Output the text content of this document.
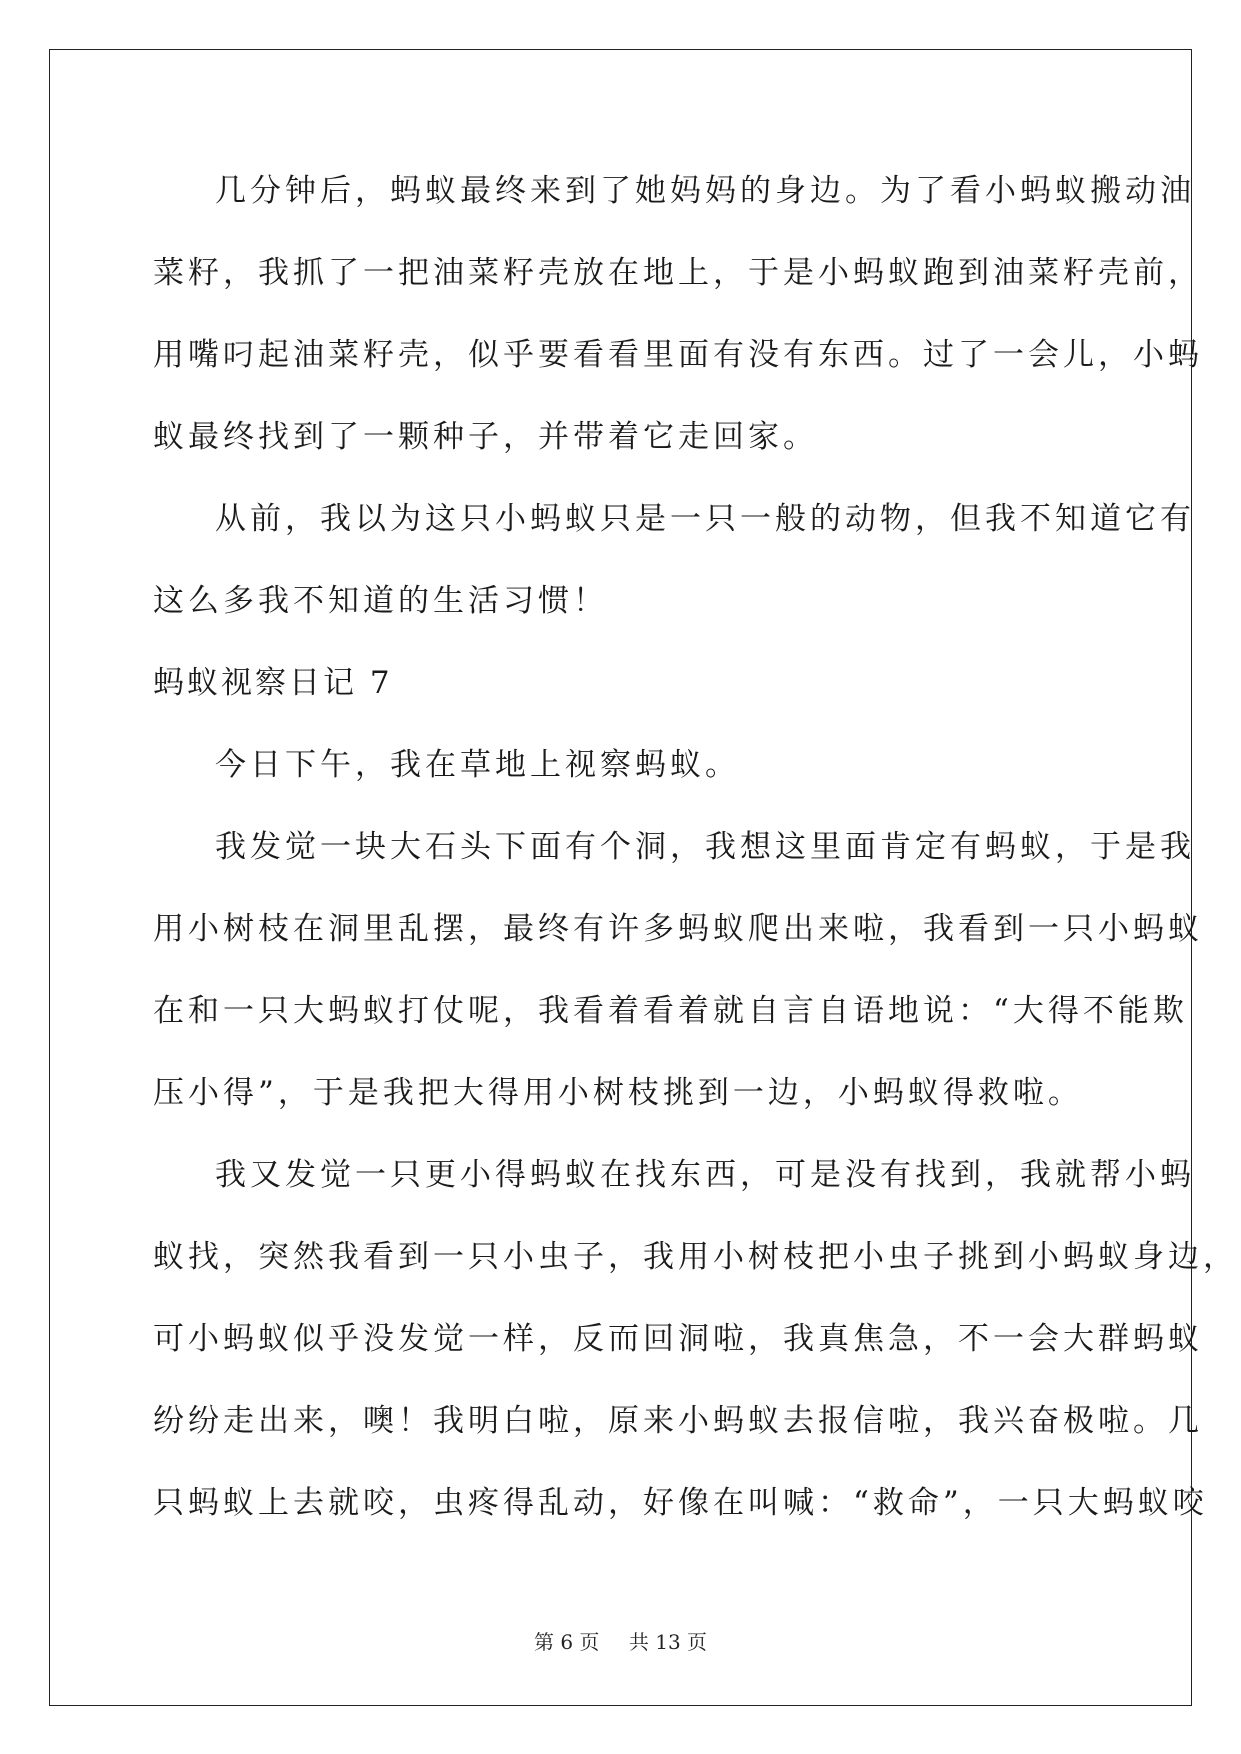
几分钟后，蚂蚁最终来到了她妈妈的身边。为了看小蚂蚁搬动油
菜籽，我抓了一把油菜籽壳放在地上，于是小蚂蚁跑到油菜籽壳前，
用嘴叼起油菜籽壳，似乎要看看里面有没有东西。过了一会儿，小蚂
蚁最终找到了一颗种子，并带着它走回家。
从前，我以为这只小蚂蚁只是一只一般的动物，但我不知道它有
这么多我不知道的生活习惯！
蚂蚁视察日记 7
今日下午，我在草地上视察蚂蚁。
我发觉一块大石头下面有个洞，我想这里面肯定有蚂蚁，于是我
用小树枝在洞里乱摆，最终有许多蚂蚁爬出来啦，我看到一只小蚂蚁
在和一只大蚂蚁打仗呢，我看着看着就自言自语地说：“大得不能欺
压小得”，于是我把大得用小树枝挑到一边，小蚂蚁得救啦。
我又发觉一只更小得蚂蚁在找东西，可是没有找到，我就帮小蚂
蚁找，突然我看到一只小虫子，我用小树枝把小虫子挑到小蚂蚁身边，
可小蚂蚁似乎没发觉一样，反而回洞啦，我真焦急，不一会大群蚂蚁
纷纷走出来，噢！我明白啦，原来小蚂蚁去报信啦，我兴奋极啦。几
只蚂蚁上去就咬，虫疼得乱动，好像在叫喊：“救命”，一只大蚂蚁咬
第 6 页 共 13 页
